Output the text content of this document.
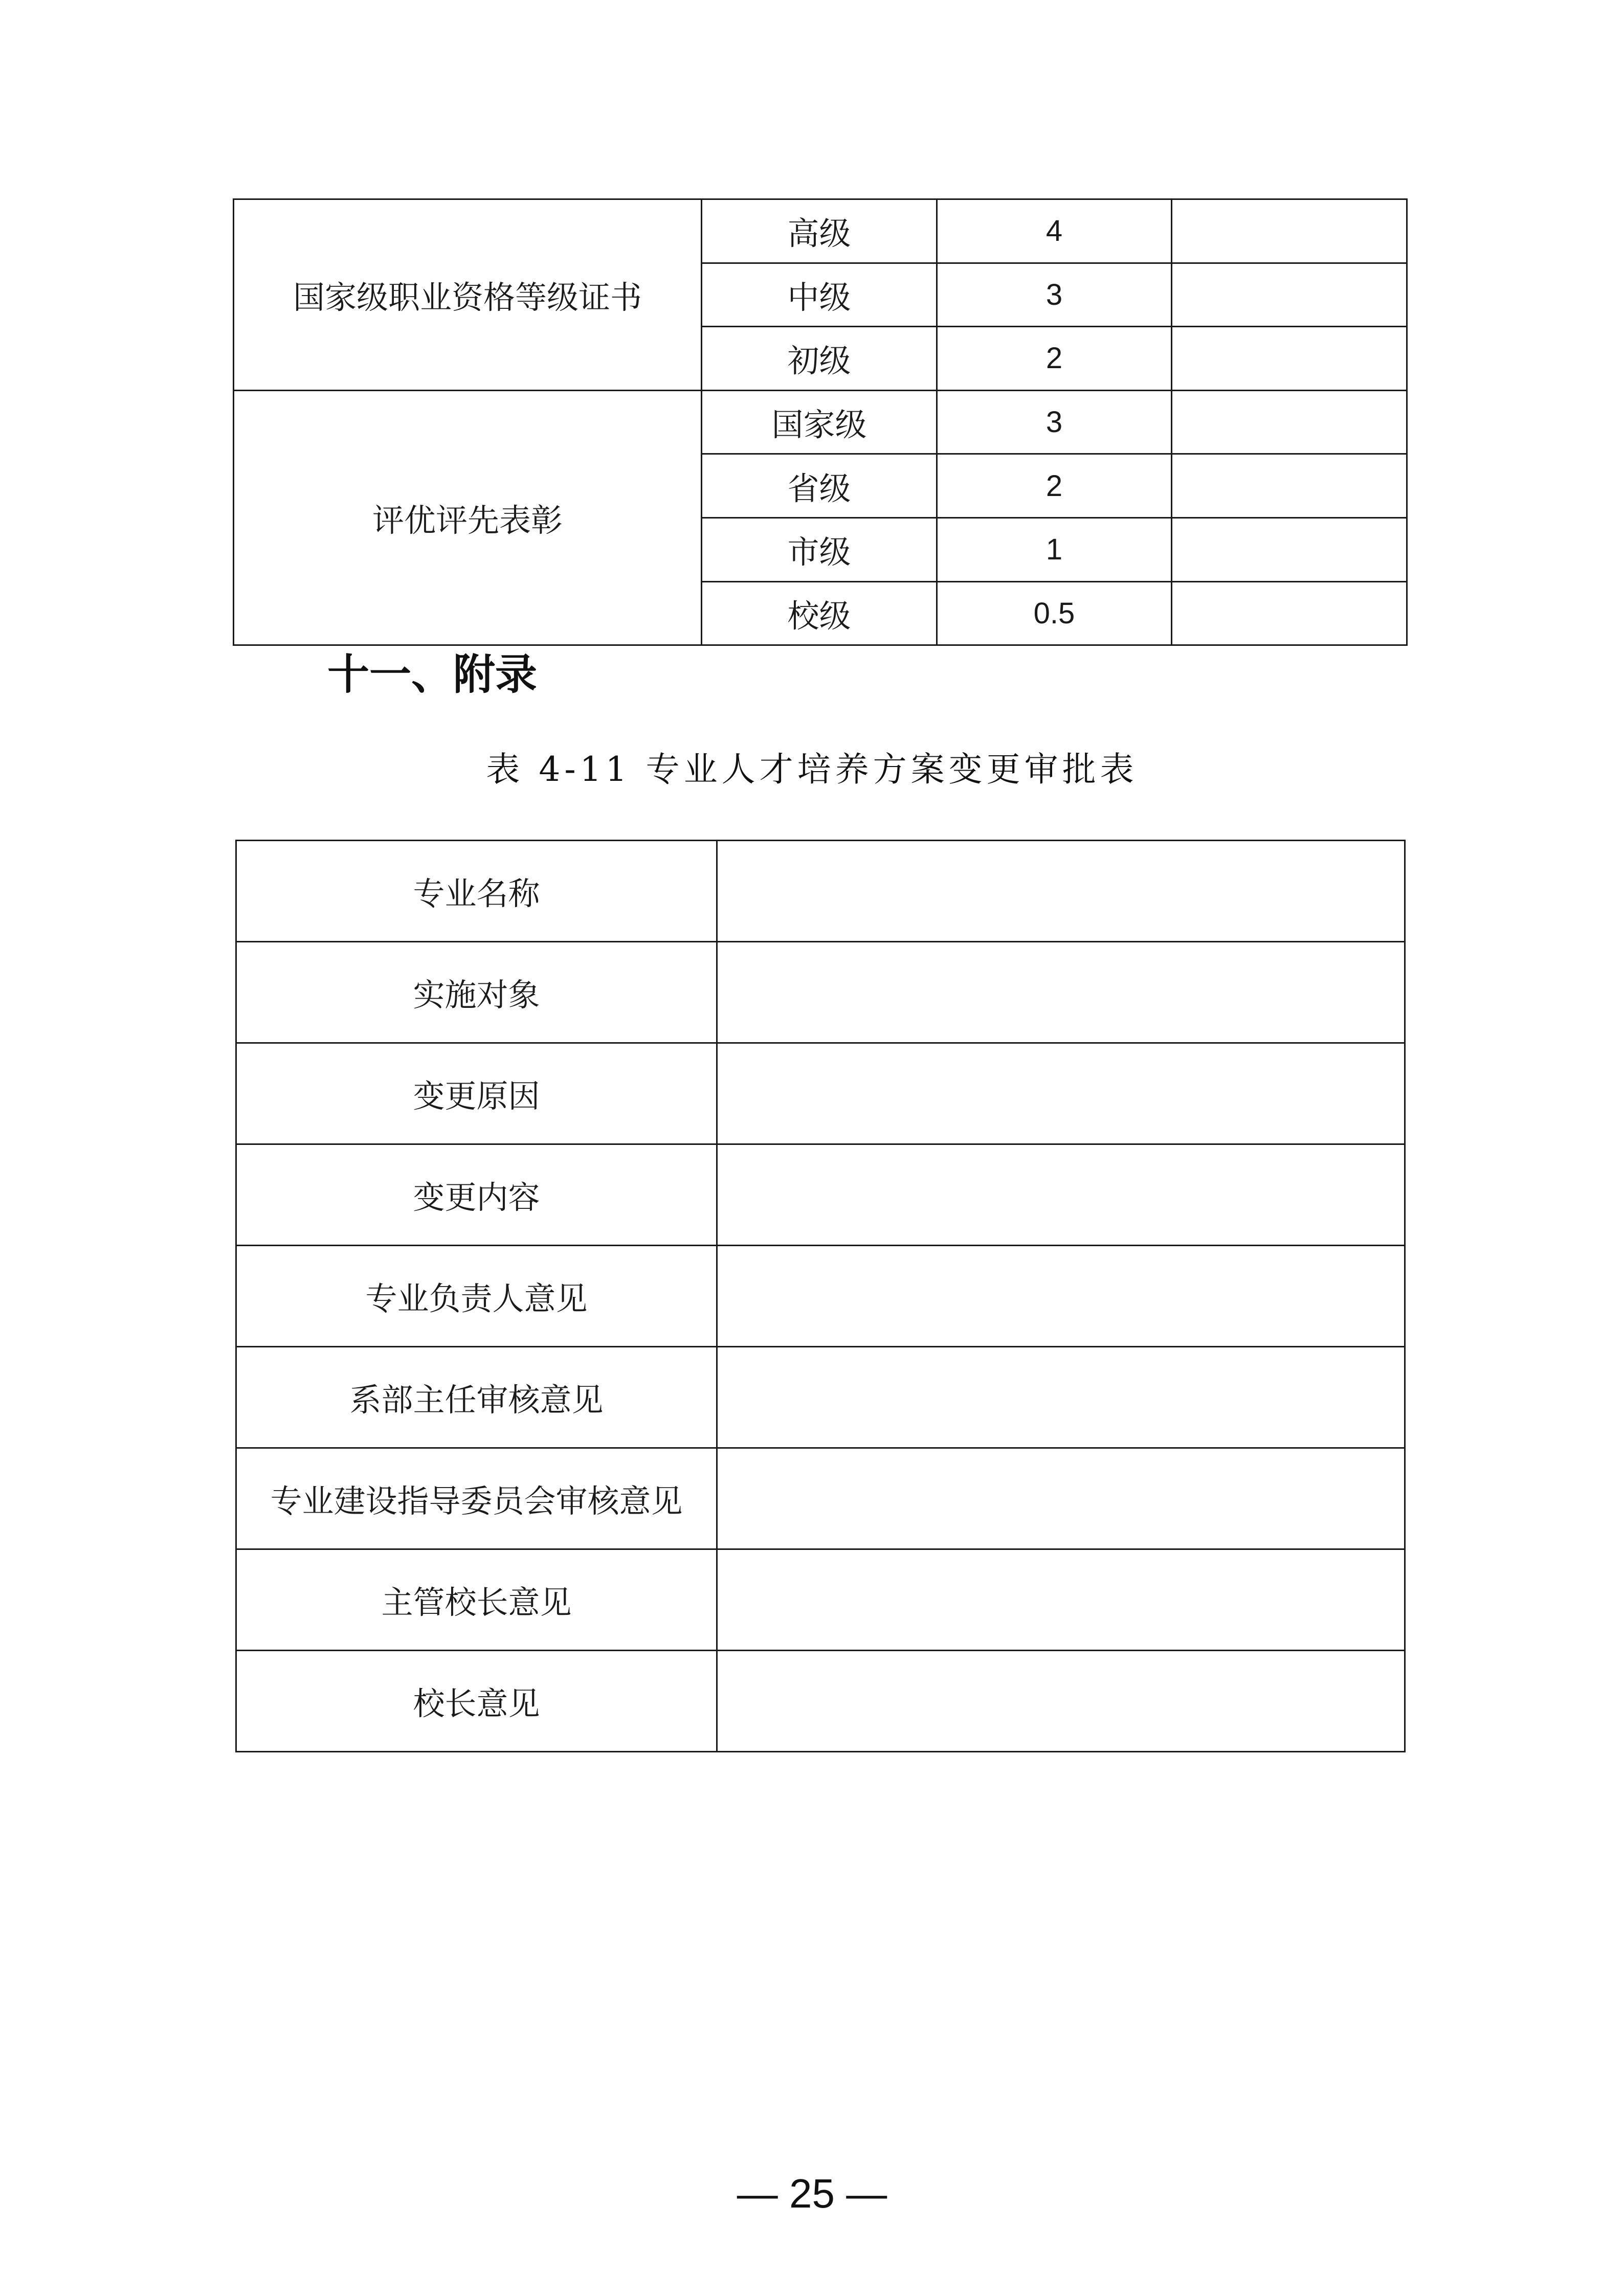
国家级职业资格等级证书	高级	4	
	中级	3	
	初级	2	
评优评先表彰	国家级	3	
	省级	2	
	市级	1	
	校级	0.5	
十一、附录
表 4-11 专业人才培养方案变更审批表
专业名称	
实施对象	
变更原因	
变更内容	
专业负责人意见	
系部主任审核意见	
专业建设指导委员会审核意见	
主管校长意见	
校长意见	
— 25 —
